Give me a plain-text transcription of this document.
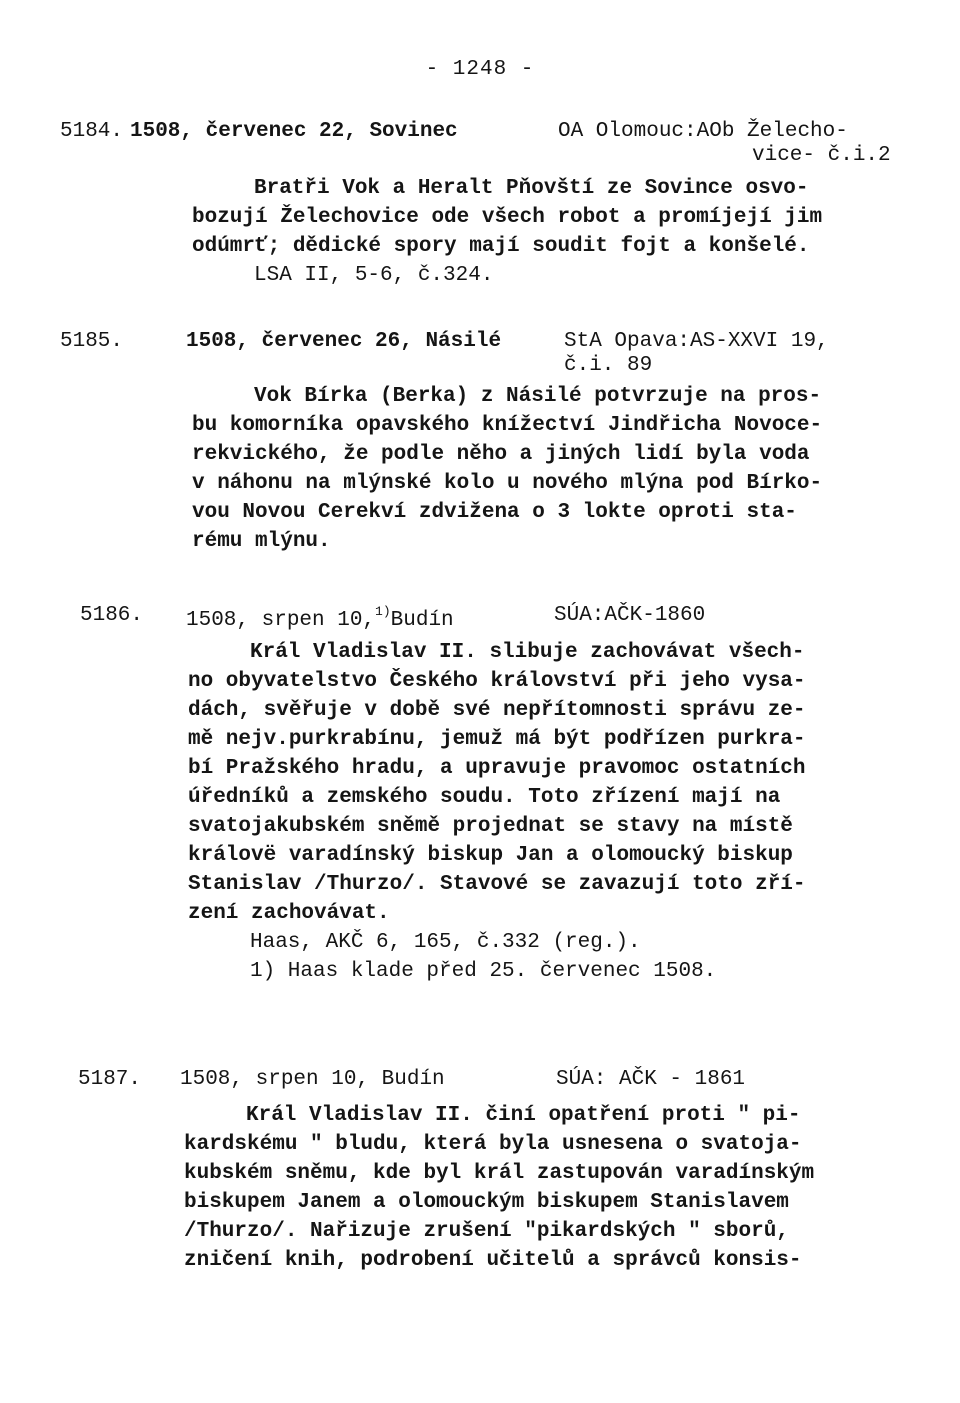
- 1248 -
5184. 1508, červenec 22, Sovinec	OA Olomouc:AOb Želecho-
vice- č.i.2
Bratři Vok a Heralt Pňovští ze Sovince osvo-
bozují Želechovice ode všech robot a promíjejí jim
odúmrť; dědické spory mají soudit fojt a konšelé.
LSA II, 5-6, č.324.
5185.	1508, červenec 26, Násilé	StA Opava:AS-XXVI 19,
č.i. 89
Vok Bírka (Berka) z Násilé potvrzuje na pros-
bu komorníka opavského knížectví Jindřicha Novoce-
rekvického, že podle něho a jiných lidí byla voda
v náhonu na mlýnské kolo u nového mlýna pod Bírko-
vou Novou Cerekví zdvižena o 3 lokte oproti sta-
rému mlýnu.
5186. 1508, srpen 10,$^{1)}$Budín	SÚA:AČK-1860
Král Vladislav II. slibuje zachovávat všech-
no obyvatelstvo Českého království při jeho vysa-
dách, svěřuje v době své nepřítomnosti správu ze-
mě nejv.purkrabínu, jemuž má být podřízen purkra-
bí Pražského hradu, a upravuje pravomoc ostatních
úředníků a zemského soudu. Toto zřízení mají na
svatojakubském sněmě projednat se stavy na místě
královë varadínský biskup Jan a olomoucký biskup
Stanislav /Thurzo/. Stavové se zavazují toto zří-
zení zachovávat.
Haas, AKČ 6, 165, č.332 (reg.).
1) Haas klade před 25. červenec 1508.
5187. 1508, srpen 10, Budín	SÚA: AČK - 1861
Král Vladislav II. činí opatření proti " pi-
kardskému " bludu, která byla usnesena o svatoja-
kubském sněmu, kde byl král zastupován varadínským
biskupem Janem a olomouckým biskupem Stanislavem
/Thurzo/. Nařizuje zrušení "pikardských " sborů,
zničení knih, podrobení učitelů a správců konsis-
